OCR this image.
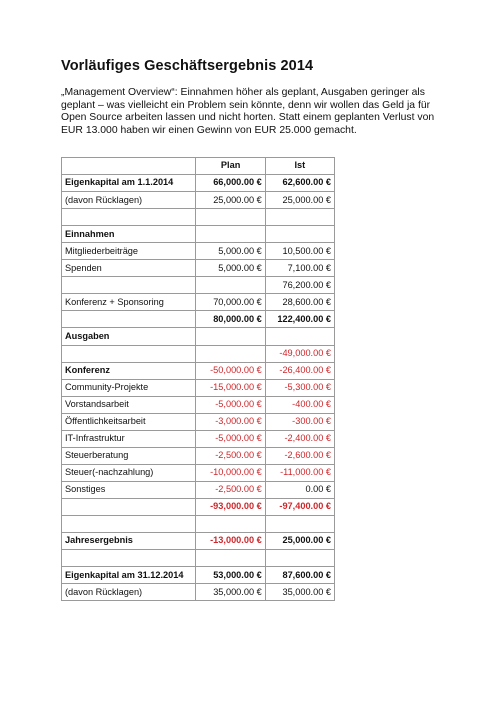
Vorläufiges Geschäftsergebnis 2014

„Management Overview“: Einnahmen höher als geplant, Ausgaben geringer als geplant – was vielleicht ein Problem sein könnte, denn wir wollen das Geld ja für Open Source arbeiten lassen und nicht horten. Statt einem geplanten Verlust von EUR 13.000 haben wir einen Gewinn von EUR 25.000 gemacht.

	Plan	Ist
Eigenkapital am 1.1.2014	66,000.00 €	62,600.00 €
(davon Rücklagen)	25,000.00 €	25,000.00 €

Einnahmen		
Mitgliederbeiträge	5,000.00 €	10,500.00 €
Spenden	5,000.00 €	7,100.00 €
		76,200.00 €
Konferenz + Sponsoring	70,000.00 €	28,600.00 €
	80,000.00 €	122,400.00 €
Ausgaben		
		-49,000.00 €
Konferenz	-50,000.00 €	-26,400.00 €
Community-Projekte	-15,000.00 €	-5,300.00 €
Vorstandsarbeit	-5,000.00 €	-400.00 €
Öffentlichkeitsarbeit	-3,000.00 €	-300.00 €
IT-Infrastruktur	-5,000.00 €	-2,400.00 €
Steuerberatung	-2,500.00 €	-2,600.00 €
Steuer(-nachzahlung)	-10,000.00 €	-11,000.00 €
Sonstiges	-2,500.00 €	0.00 €
	-93,000.00 €	-97,400.00 €

Jahresergebnis	-13,000.00 €	25,000.00 €

Eigenkapital am 31.12.2014	53,000.00 €	87,600.00 €
(davon Rücklagen)	35,000.00 €	35,000.00 €
